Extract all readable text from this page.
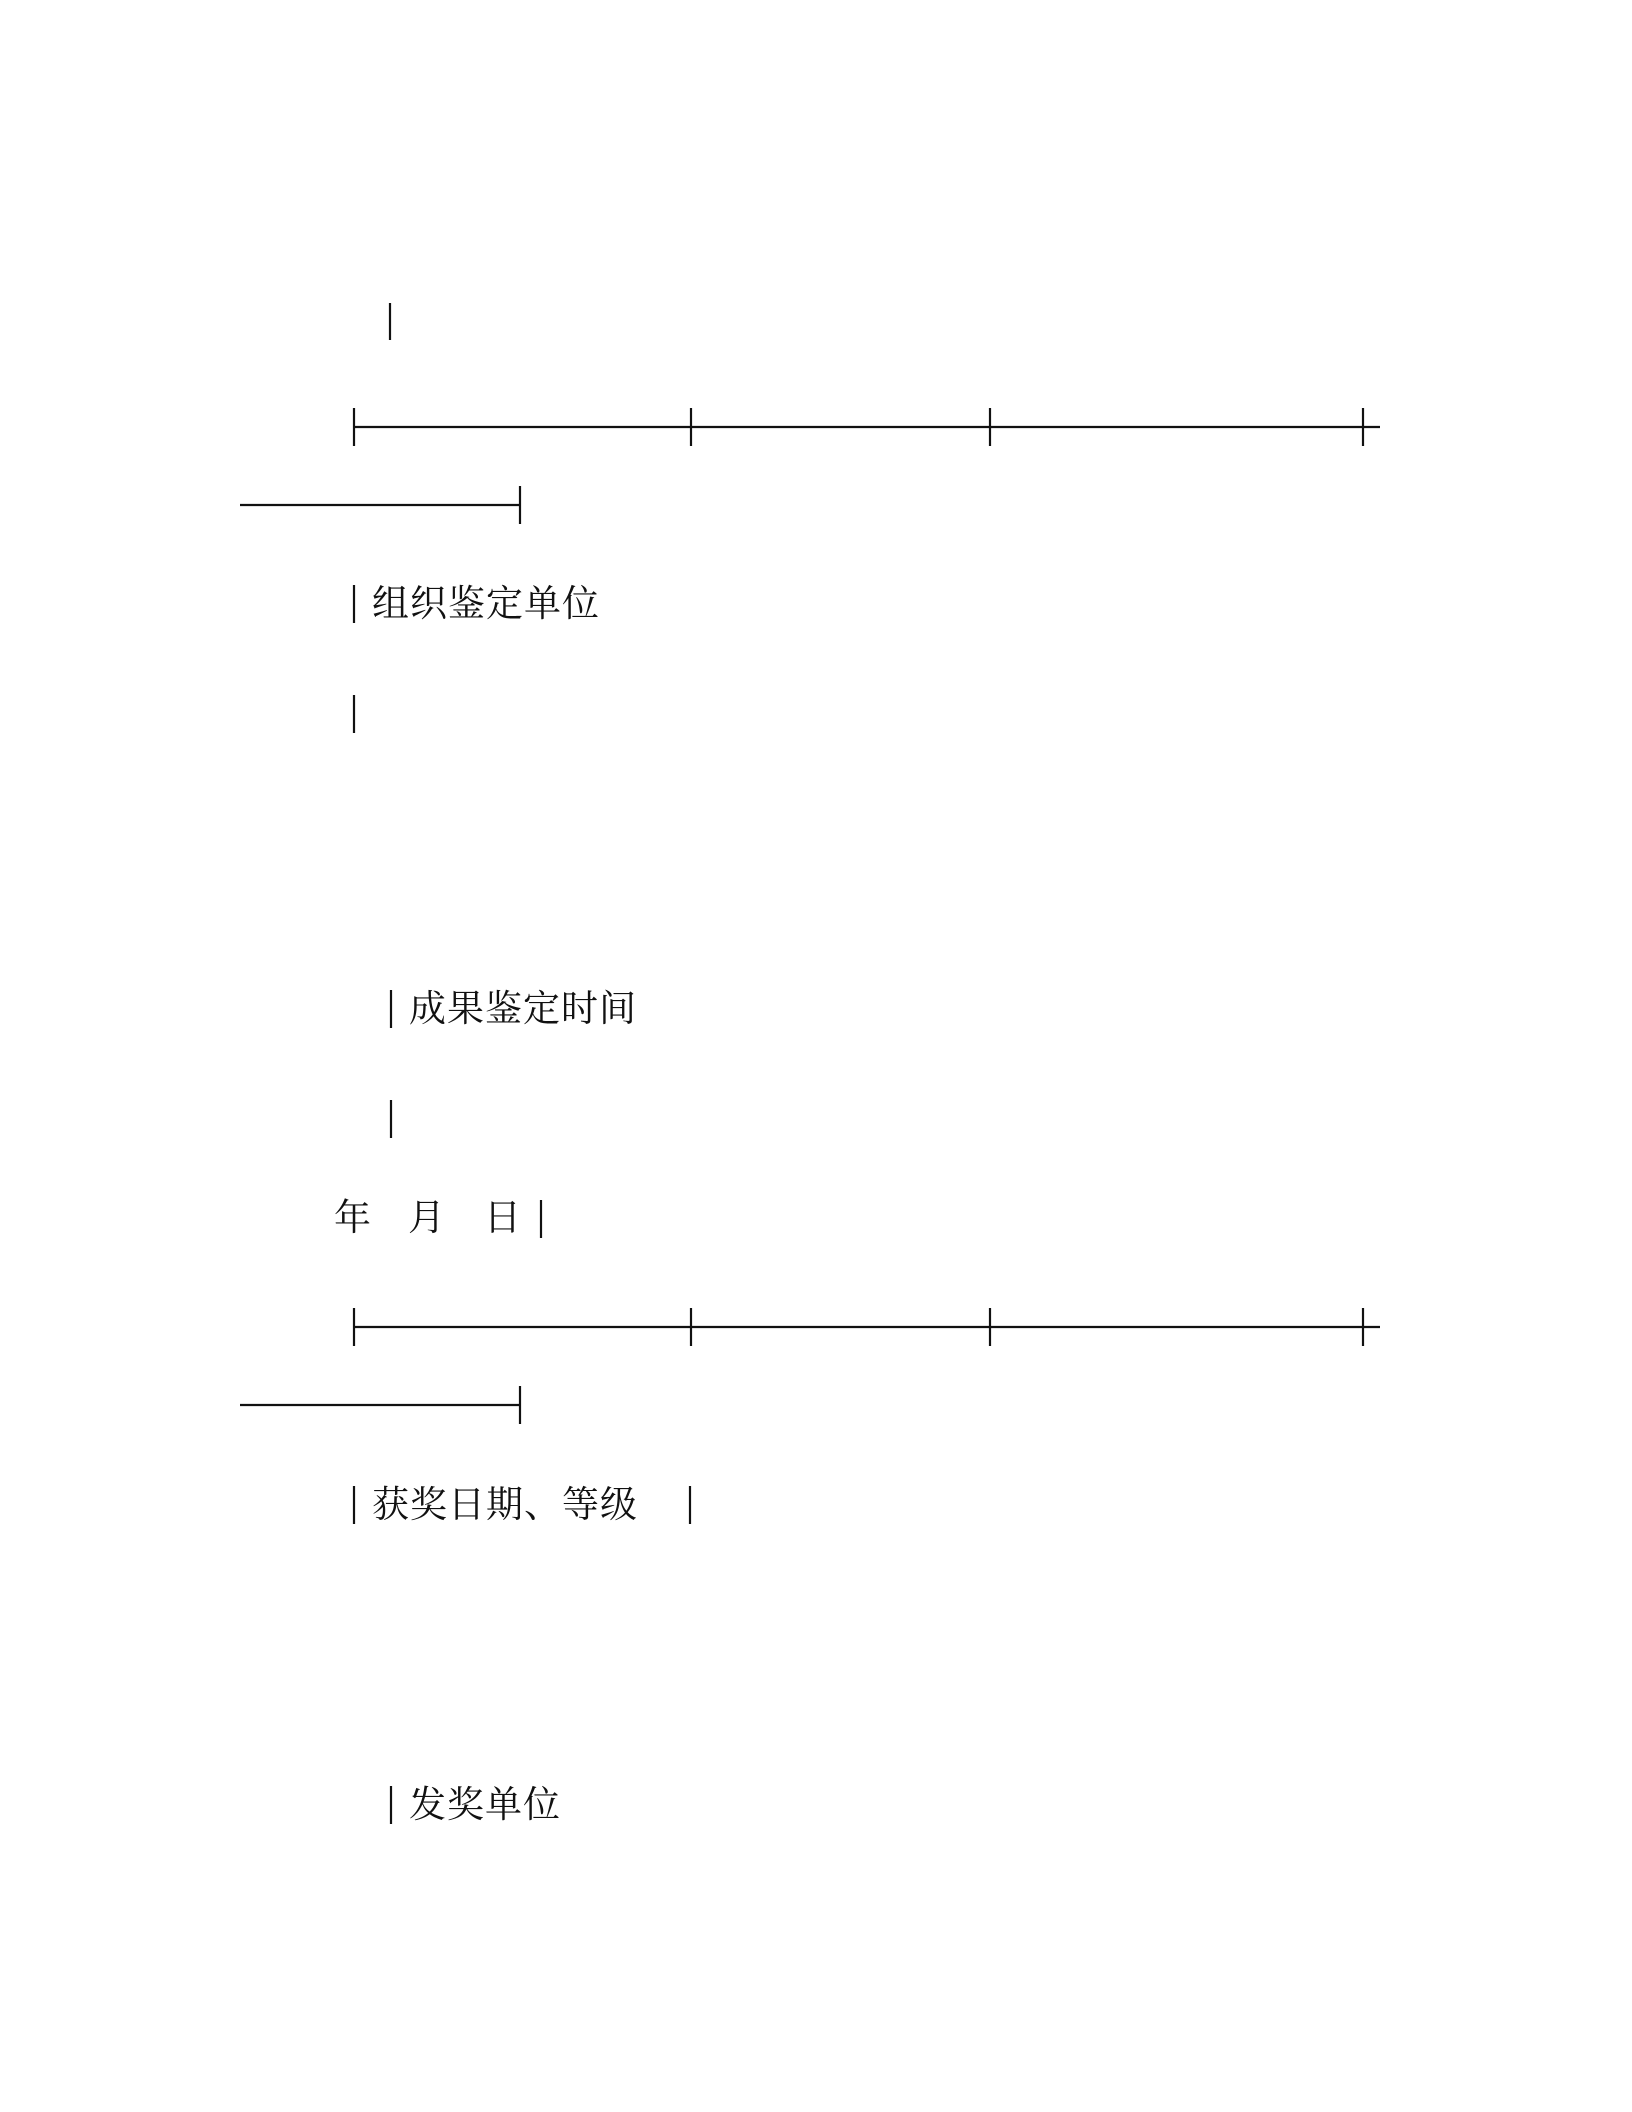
组织鉴定单位
成果鉴定时间
年 月 日
获奖日期、等级
发奖单位
